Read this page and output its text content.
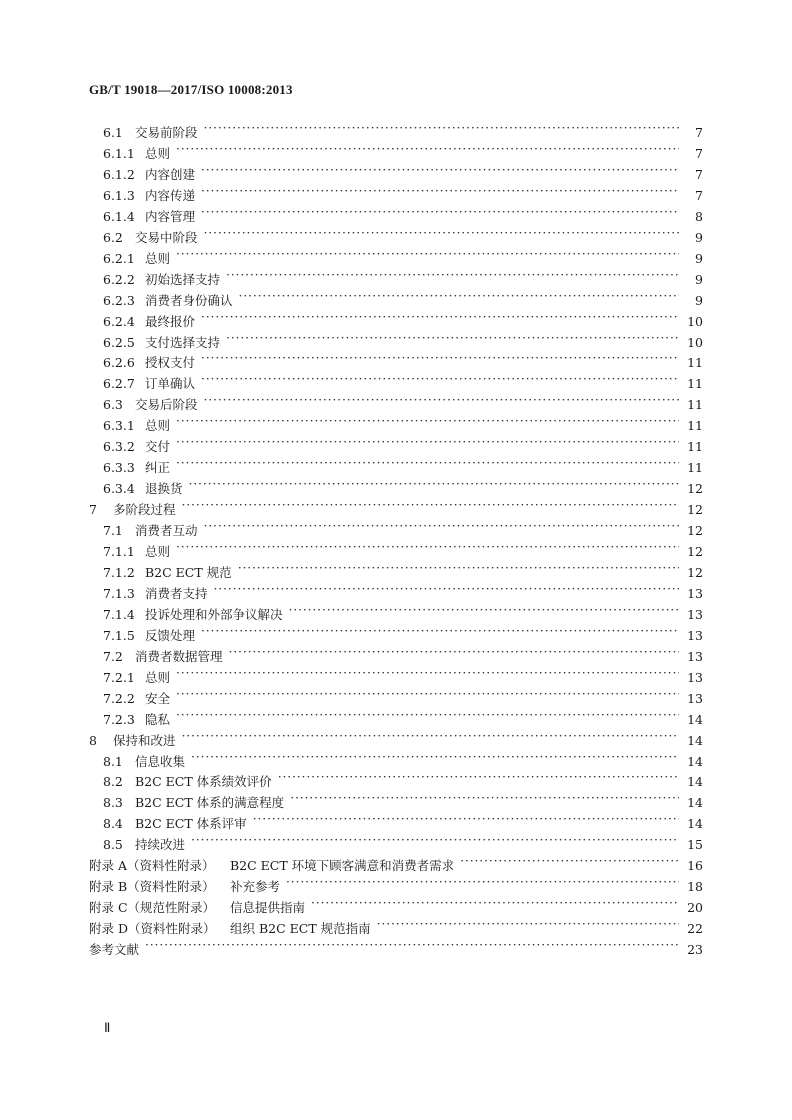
GB/T 19018—2017/ISO 10008:2013
6.1 交易前阶段 ·····	7
6.1.1 总则 ·····	7
6.1.2 内容创建 ·····	7
6.1.3 内容传递 ·····	7
6.1.4 内容管理 ·····	8
6.2 交易中阶段 ·····	9
6.2.1 总则 ·····	9
6.2.2 初始选择支持 ·····	9
6.2.3 消费者身份确认 ·····	9
6.2.4 最终报价 ·····	10
6.2.5 支付选择支持 ·····	10
6.2.6 授权支付 ·····	11
6.2.7 订单确认 ·····	11
6.3 交易后阶段 ·····	11
6.3.1 总则 ·····	11
6.3.2 交付 ·····	11
6.3.3 纠正 ·····	11
6.3.4 退换货 ·····	12
7	多阶段过程 ·····	12
7.1 消费者互动 ·····	12
7.1.1 总则 ·····	12
7.1.2 B2C ECT 规范 ·····	12
7.1.3 消费者支持 ·····	13
7.1.4 投诉处理和外部争议解决 ·····	13
7.1.5 反馈处理 ·····	13
7.2 消费者数据管理 ·····	13
7.2.1 总则 ·····	13
7.2.2 安全 ·····	13
7.2.3 隐私 ·····	14
8	保持和改进 ·····	14
8.1 信息收集 ·····	14
8.2 B2C ECT 体系绩效评价 ·····	14
8.3 B2C ECT 体系的满意程度 ·····	14
8.4 B2C ECT 体系评审 ·····	14
8.5 持续改进 ·····	15
附录 A（资料性附录）	B2C ECT 环境下顾客满意和消费者需求 ·····	16
附录 B（资料性附录）	补充参考 ·····	18
附录 C（规范性附录）	信息提供指南 ·····	20
附录 D（资料性附录）	组织 B2C ECT 规范指南 ·····	22
参考文献 ·····	23
Ⅱ
